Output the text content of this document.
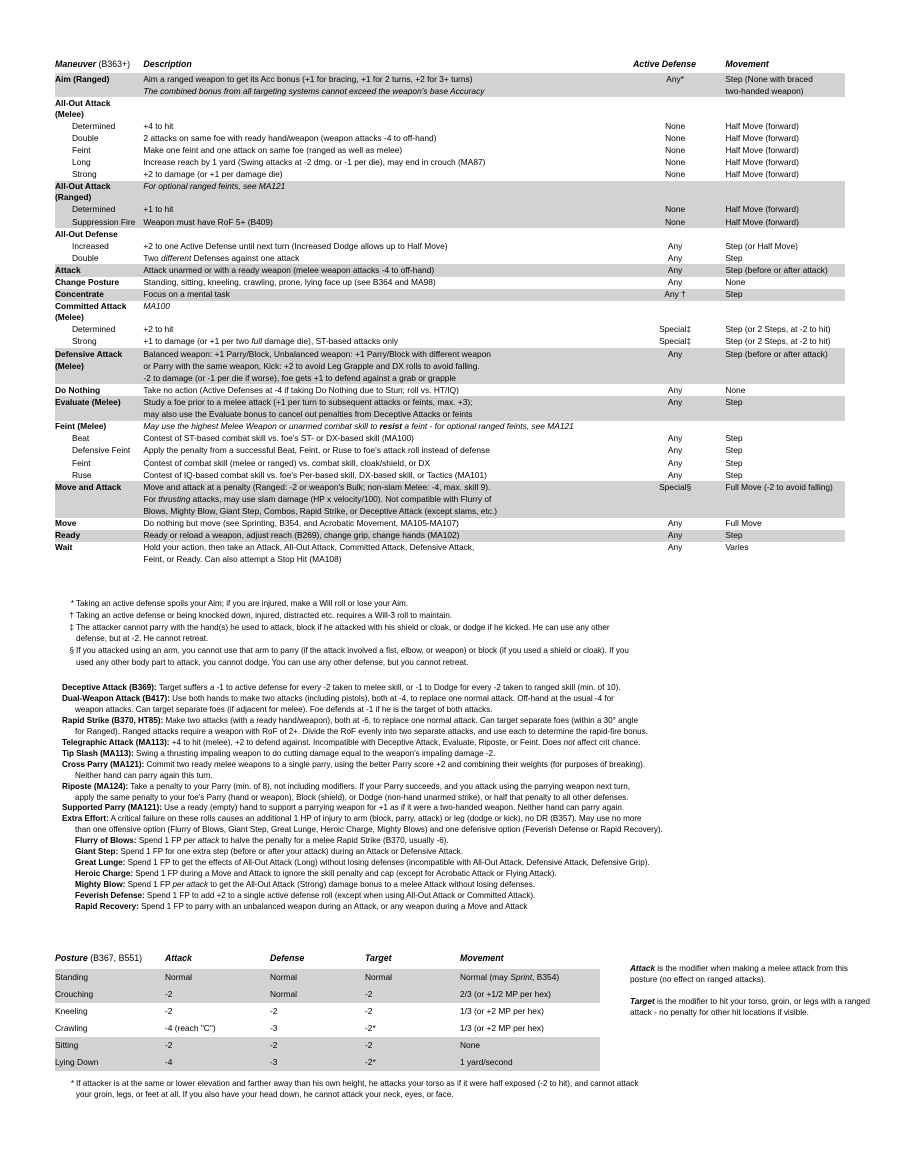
Maneuver (B363+)	Description	Active Defense	Movement
Aim (Ranged)	Aim a ranged weapon to get its Acc bonus (+1 for bracing, +1 for 2 turns, +2 for 3+ turns)	Any*	Step (None with braced
	The combined bonus from all targeting systems cannot exceed the weapon's base Accuracy		two-handed weapon)
All-Out Attack (Melee)			
Determined	+4 to hit	None	Half Move (forward)
Double	2 attacks on same foe with ready hand/weapon (weapon attacks -4 to off-hand)	None	Half Move (forward)
Feint	Make one feint and one attack on same foe (ranged as well as melee)	None	Half Move (forward)
Long	Increase reach by 1 yard (Swing attacks at -2 dmg. or -1 per die), may end in crouch (MA87)	None	Half Move (forward)
Strong	+2 to damage (or +1 per damage die)	None	Half Move (forward)
All-Out Attack (Ranged)	For optional ranged feints, see MA121		
Determined	+1 to hit	None	Half Move (forward)
Suppression Fire	Weapon must have RoF 5+ (B409)	None	Half Move (forward)
All-Out Defense			
Increased	+2 to one Active Defense until next turn (Increased Dodge allows up to Half Move)	Any	Step (or Half Move)
Double	Two different Defenses against one attack	Any	Step
Attack	Attack unarmed or with a ready weapon (melee weapon attacks -4 to off-hand)	Any	Step (before or after attack)
Change Posture	Standing, sitting, kneeling, crawling, prone, lying face up (see B364 and MA98)	Any	None
Concentrate	Focus on a mental task	Any †	Step
Committed Attack (Melee)	MA100		
Determined	+2 to hit	Special‡	Step (or 2 Steps, at -2 to hit)
Strong	+1 to damage (or +1 per two full damage die), ST-based attacks only	Special‡	Step (or 2 Steps, at -2 to hit)
Defensive Attack	Balanced weapon: +1 Parry/Block, Unbalanced weapon: +1 Parry/Block with different weapon	Any	Step (before or after attack)
(Melee)	or Parry with the same weapon, Kick: +2 to avoid Leg Grapple and DX rolls to avoid falling.		
	-2 to damage (or -1 per die if worse), foe gets +1 to defend against a grab or grapple		
Do Nothing	Take no action (Active Defenses at -4 if taking Do Nothing due to Stun; roll vs. HT/IQ)	Any	None
Evaluate (Melee)	Study a foe prior to a melee attack (+1 per turn to subsequent attacks or feints, max. +3);	Any	Step
	may also use the Evaluate bonus to cancel out penalties from Deceptive Attacks or feints		
Feint (Melee)	May use the highest Melee Weapon or unarmed combat skill to resist a feint - for optional ranged feints, see MA121		
Beat	Contest of ST-based combat skill vs. foe's ST- or DX-based skill (MA100)	Any	Step
Defensive Feint	Apply the penalty from a successful Beat, Feint, or Ruse to foe's attack roll instead of defense	Any	Step
Feint	Contest of combat skill (melee or ranged) vs. combat skill, cloak/shield, or DX	Any	Step
Ruse	Contest of IQ-based combat skill vs. foe's Per-based skill, DX-based skill, or Tactics (MA101)	Any	Step
Move and Attack	Move and attack at a penalty (Ranged: -2 or weapon's Bulk; non-slam Melee: -4, max. skill 9).	Special§	Full Move (-2 to avoid falling)
	For thrusting attacks, may use slam damage (HP x velocity/100). Not compatible with Flurry of		
	Blows, Mighty Blow, Giant Step, Combos, Rapid Strike, or Deceptive Attack (except slams, etc.)		
Move	Do nothing but move (see Sprinting, B354, and Acrobatic Movement, MA105-MA107)	Any	Full Move
Ready	Ready or reload a weapon, adjust reach (B269), change grip, change hands (MA102)	Any	Step
Wait	Hold your action, then take an Attack, All-Out Attack, Committed Attack, Defensive Attack,	Any	Varies
	Feint, or Ready. Can also attempt a Stop Hit (MA108)		
* Taking an active defense spoils your Aim; if you are injured, make a Will roll or lose your Aim.
† Taking an active defense or being knocked down, injured, distracted etc. requires a Will-3 roll to maintain.
‡ The attacker cannot parry with the hand(s) he used to attack, block if he attacked with his shield or cloak, or dodge if he kicked. He can use any other
defense, but at -2. He cannot retreat.
§ If you attacked using an arm, you cannot use that arm to parry (if the attack involved a fist, elbow, or weapon) or block (if you used a shield or cloak). If you
used any other body part to attack, you cannot dodge. You can use any other defense, but you cannot retreat.
Deceptive Attack (B369): Target suffers a -1 to active defense for every -2 taken to melee skill, or -1 to Dodge for every -2 taken to ranged skill (min. of 10).
Dual-Weapon Attack (B417): Use both hands to make two attacks (including pistols), both at -4, to replace one normal attack. Off-hand at the usual -4 for
weapon attacks. Can target separate foes (if adjacent for melee). Foe defends at -1 if he is the target of both attacks.
Rapid Strike (B370, HT85): Make two attacks (with a ready hand/weapon), both at -6, to replace one normal attack. Can target separate foes (within a 30° angle
for Ranged). Ranged attacks require a weapon with RoF of 2+. Divide the RoF evenly into two separate attacks, and use each to determine the rapid-fire bonus.
Telegraphic Attack (MA113): +4 to hit (melee), +2 to defend against. Incompatible with Deceptive Attack, Evaluate, Riposte, or Feint. Does not affect crit chance.
Tip Slash (MA113): Swing a thrusting impaling weapon to do cutting damage equal to the weapon's impaling damage -2.
Cross Parry (MA121): Commit two ready melee weapons to a single parry, using the better Parry score +2 and combining their weights (for purposes of breaking).
Neither hand can parry again this turn.
Riposte (MA124): Take a penalty to your Parry (min. of 8), not including modifiers. If your Parry succeeds, and you attack using the parrying weapon next turn,
apply the same penalty to your foe's Parry (hand or weapon), Block (shield), or Dodge (non-hand unarmed strike), or half that penalty to all other defenses.
Supported Parry (MA121): Use a ready (empty) hand to support a parrying weapon for +1 as if it were a two-handed weapon. Neither hand can parry again.
Extra Effort: A critical failure on these rolls causes an additional 1 HP of injury to arm (block, parry, attack) or leg (dodge or kick), no DR (B357). May use no more
than one offensive option (Flurry of Blows, Giant Step, Great Lunge, Heroic Charge, Mighty Blows) and one defensive option (Feverish Defense or Rapid Recovery).
Flurry of Blows: Spend 1 FP per attack to halve the penalty for a melee Rapid Strike (B370, usually -6).
Giant Step: Spend 1 FP for one extra step (before or after your attack) during an Attack or Defensive Attack.
Great Lunge: Spend 1 FP to get the effects of All-Out Attack (Long) without losing defenses (incompatible with All-Out Attack, Defensive Attack, Defensive Grip).
Heroic Charge: Spend 1 FP during a Move and Attack to ignore the skill penalty and cap (except for Acrobatic Attack or Flying Attack).
Mighty Blow: Spend 1 FP per attack to get the All-Out Attack (Strong) damage bonus to a melee Attack without losing defenses.
Feverish Defense: Spend 1 FP to add +2 to a single active defense roll (except when using All-Out Attack or Committed Attack).
Rapid Recovery: Spend 1 FP to parry with an unbalanced weapon during an Attack, or any weapon during a Move and Attack
Posture (B367, B551)	Attack	Defense	Target	Movement
Standing	Normal	Normal	Normal	Normal (may Sprint, B354)
Crouching	-2	Normal	-2	2/3 (or +1/2 MP per hex)
Kneeling	-2	-2	-2	1/3 (or +2 MP per hex)
Crawling	-4 (reach "C")	-3	-2*	1/3 (or +2 MP per hex)
Sitting	-2	-2	-2	None
Lying Down	-4	-3	-2*	1 yard/second

Attack is the modifier when making a melee attack from this posture (no effect on ranged attacks).

Target is the modifier to hit your torso, groin, or legs with a ranged attack - no penalty for other hit locations if visible.

* If attacker is at the same or lower elevation and farther away than his own height, he attacks your torso as if it were half exposed (-2 to hit), and cannot attack
your groin, legs, or feet at all. If you also have your head down, he cannot attack your neck, eyes, or face.
